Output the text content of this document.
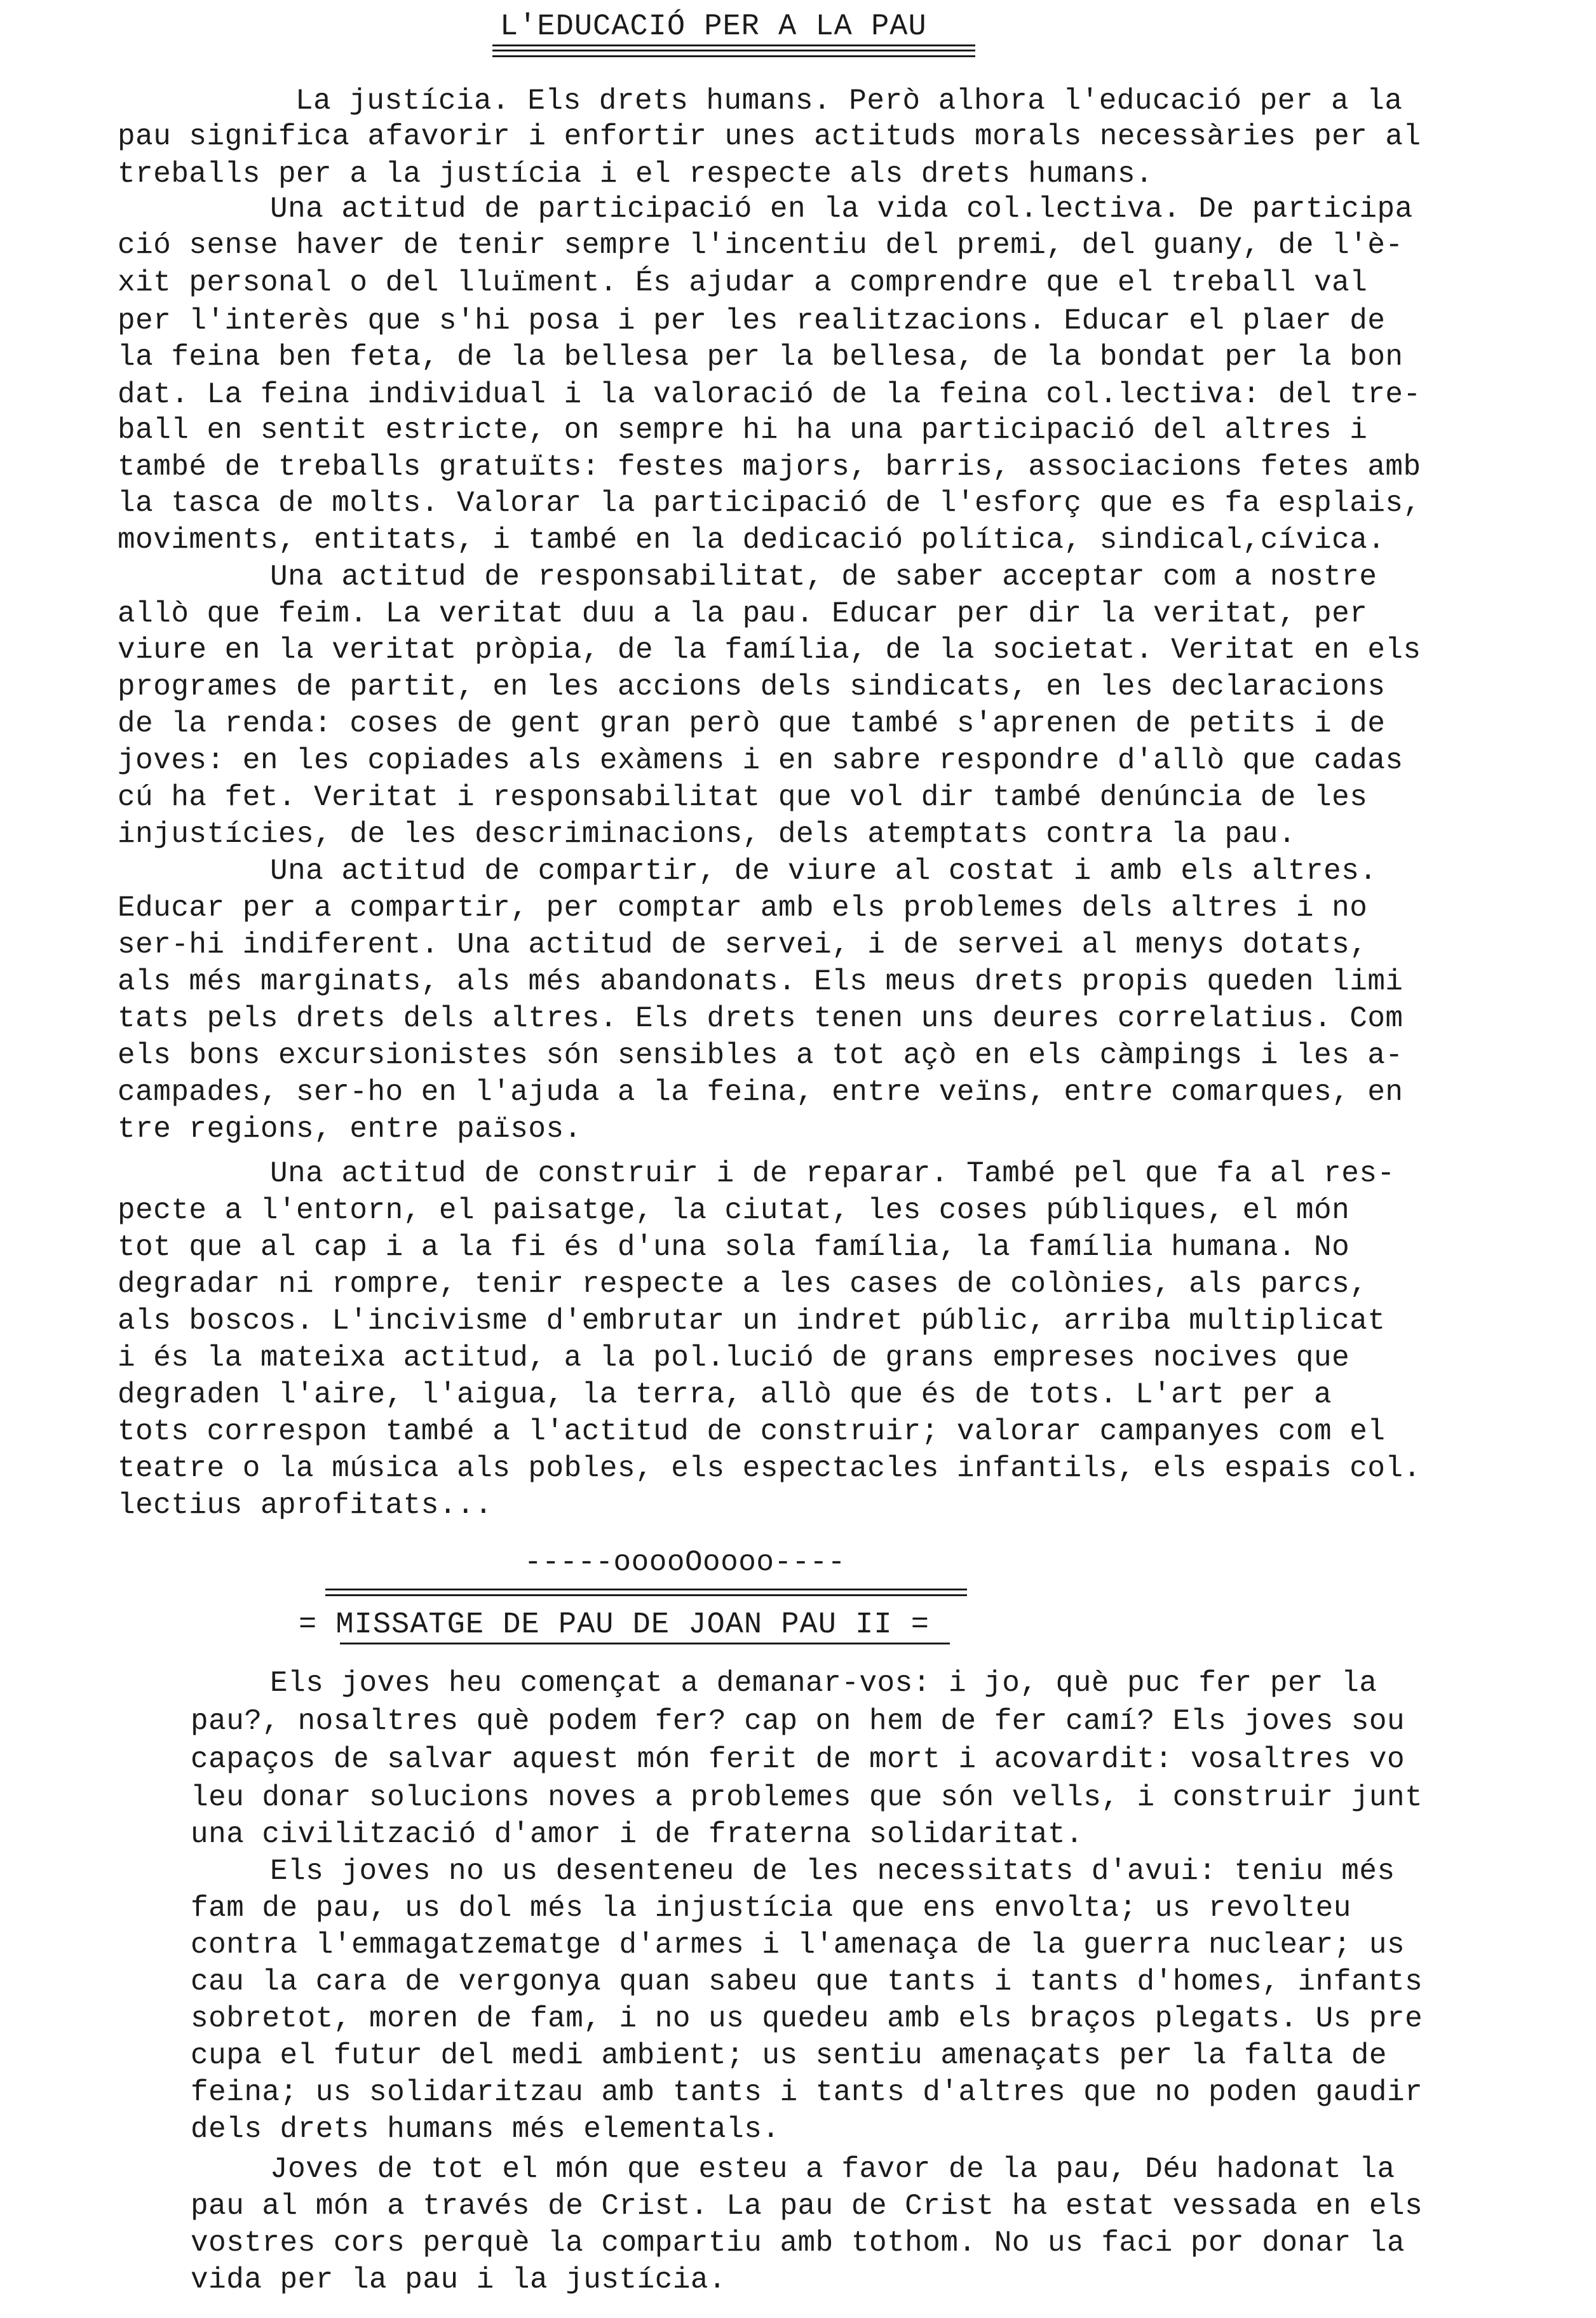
L'EDUCACIÓ PER A LA PAU
La justícia. Els drets humans. Però alhora l'educació per a la
pau significa afavorir i enfortir unes actituds morals necessàries per al
treballs per a la justícia i el respecte als drets humans.
Una actitud de participació en la vida col.lectiva. De participa
ció sense haver de tenir sempre l'incentiu del premi, del guany, de l'è-
xit personal o del lluïment. És ajudar a comprendre que el treball val
per l'interès que s'hi posa i per les realitzacions. Educar el plaer de
la feina ben feta, de la bellesa per la bellesa, de la bondat per la bon
dat. La feina individual i la valoració de la feina col.lectiva: del tre-
ball en sentit estricte, on sempre hi ha una participació del altres i
també de treballs gratuïts: festes majors, barris, associacions fetes amb
la tasca de molts. Valorar la participació de l'esforç que es fa esplais,
moviments, entitats, i també en la dedicació política, sindical,cívica.
Una actitud de responsabilitat, de saber acceptar com a nostre
allò que feim. La veritat duu a la pau. Educar per dir la veritat, per
viure en la veritat pròpia, de la família, de la societat. Veritat en els
programes de partit, en les accions dels sindicats, en les declaracions
de la renda: coses de gent gran però que també s'aprenen de petits i de
joves: en les copiades als exàmens i en sabre respondre d'allò que cadas
cú ha fet. Veritat i responsabilitat que vol dir també denúncia de les
injustícies, de les descriminacions, dels atemptats contra la pau.
Una actitud de compartir, de viure al costat i amb els altres.
Educar per a compartir, per comptar amb els problemes dels altres i no
ser-hi indiferent. Una actitud de servei, i de servei al menys dotats,
als més marginats, als més abandonats. Els meus drets propis queden limi
tats pels drets dels altres. Els drets tenen uns deures correlatius. Com
els bons excursionistes són sensibles a tot açò en els càmpings i les a-
campades, ser-ho en l'ajuda a la feina, entre veïns, entre comarques, en
tre regions, entre països.
Una actitud de construir i de reparar. També pel que fa al res-
pecte a l'entorn, el paisatge, la ciutat, les coses públiques, el món
tot que al cap i a la fi és d'una sola família, la família humana. No
degradar ni rompre, tenir respecte a les cases de colònies, als parcs,
als boscos. L'incivisme d'embrutar un indret públic, arriba multiplicat
i és la mateixa actitud, a la pol.lució de grans empreses nocives que
degraden l'aire, l'aigua, la terra, allò que és de tots. L'art per a
tots correspon també a l'actitud de construir; valorar campanyes com el
teatre o la música als pobles, els espectacles infantils, els espais col.
lectius aprofitats...
-----ooooOoooo----
= MISSATGE DE PAU DE JOAN PAU II =
Els joves heu començat a demanar-vos: i jo, què puc fer per la
pau?, nosaltres què podem fer? cap on hem de fer camí? Els joves sou
capaços de salvar aquest món ferit de mort i acovardit: vosaltres vo
leu donar solucions noves a problemes que són vells, i construir junt
una civilització d'amor i de fraterna solidaritat.
Els joves no us desenteneu de les necessitats d'avui: teniu més
fam de pau, us dol més la injustícia que ens envolta; us revolteu
contra l'emmagatzematge d'armes i l'amenaça de la guerra nuclear; us
cau la cara de vergonya quan sabeu que tants i tants d'homes, infants
sobretot, moren de fam, i no us quedeu amb els braços plegats. Us pre
cupa el futur del medi ambient; us sentiu amenaçats per la falta de
feina; us solidaritzau amb tants i tants d'altres que no poden gaudir
dels drets humans més elementals.
Joves de tot el món que esteu a favor de la pau, Déu hadonat la
pau al món a través de Crist. La pau de Crist ha estat vessada en els
vostres cors perquè la compartiu amb tothom. No us faci por donar la
vida per la pau i la justícia.
